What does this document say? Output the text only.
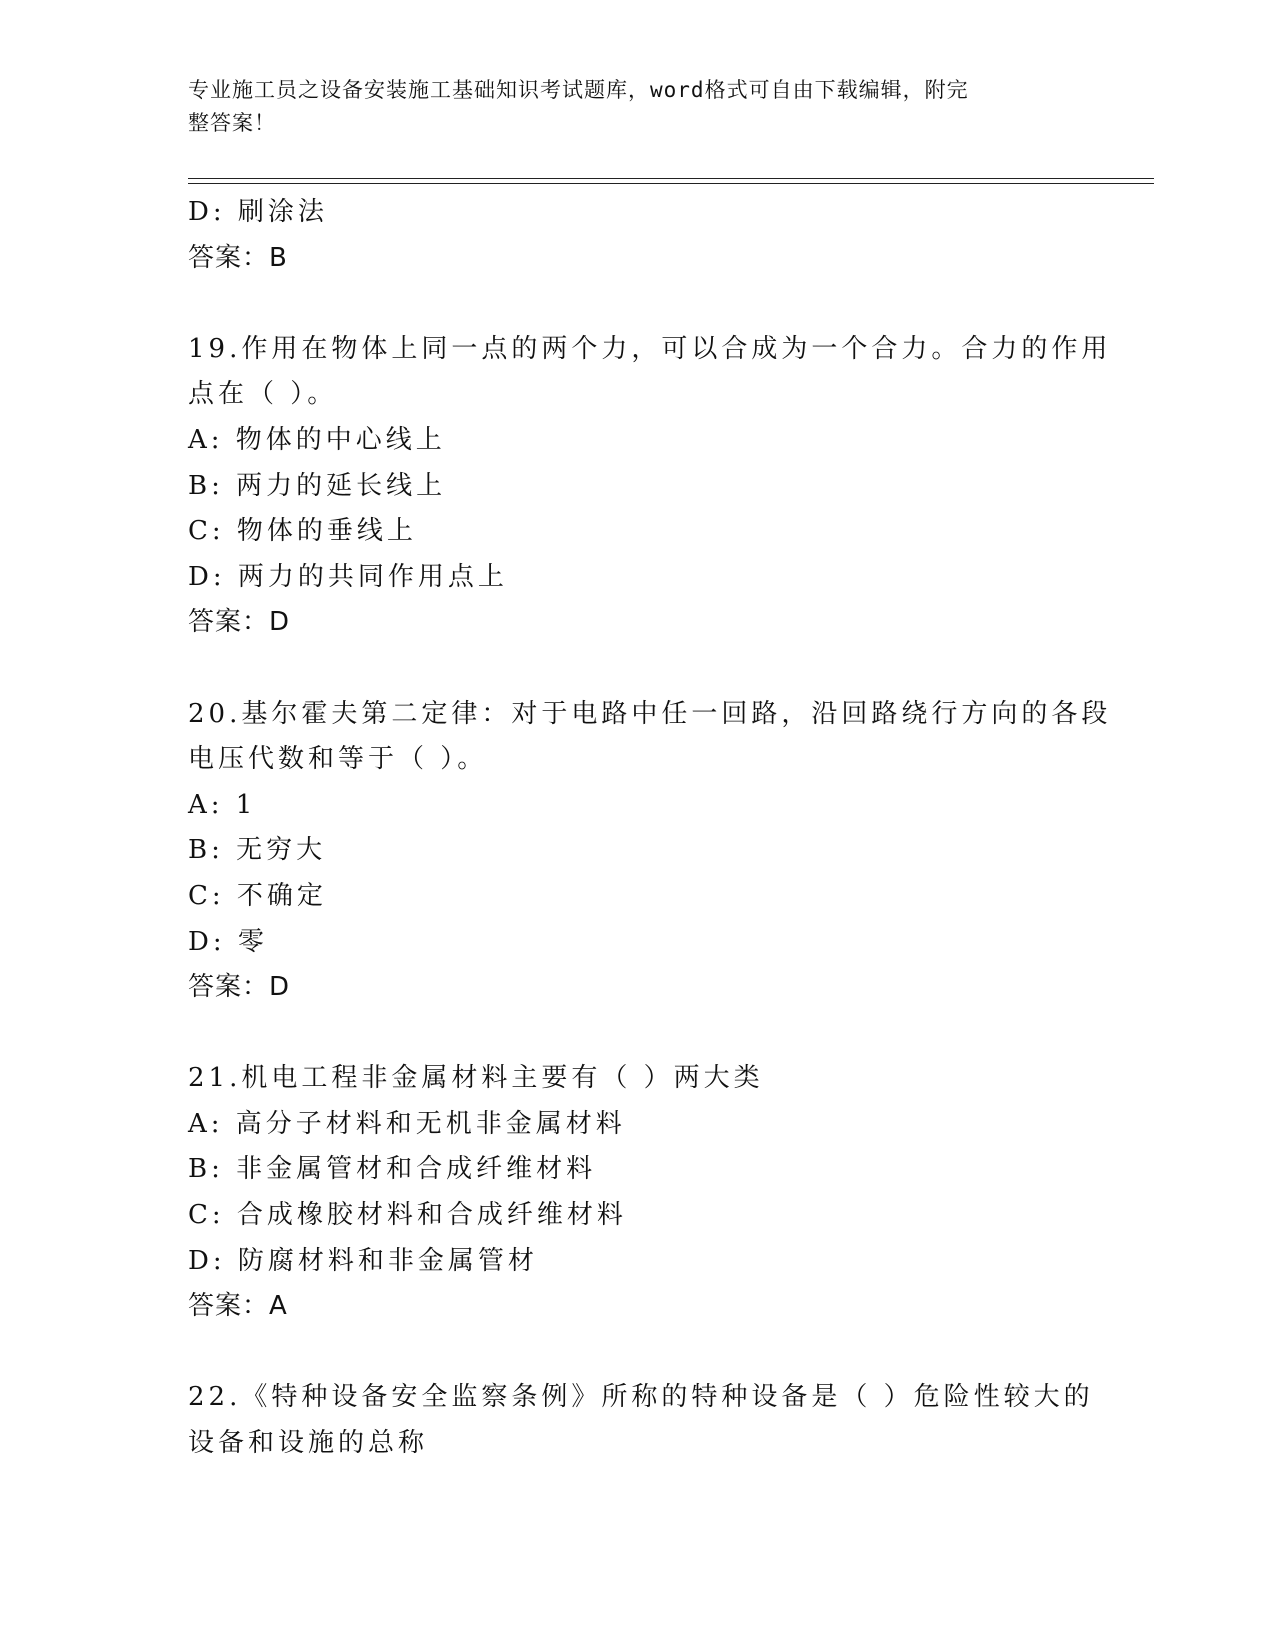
专业施工员之设备安装施工基础知识考试题库，word格式可自由下载编辑，附完
整答案！
D: 刷涂法
答案：B
19.作用在物体上同一点的两个力，可以合成为一个合力。合力的作用
点在（ ）。
A: 物体的中心线上
B: 两力的延长线上
C: 物体的垂线上
D: 两力的共同作用点上
答案：D
20.基尔霍夫第二定律：对于电路中任一回路，沿回路绕行方向的各段
电压代数和等于（ ）。
A: 1
B: 无穷大
C: 不确定
D: 零
答案：D
21.机电工程非金属材料主要有（ ）两大类
A: 高分子材料和无机非金属材料
B: 非金属管材和合成纤维材料
C: 合成橡胶材料和合成纤维材料
D: 防腐材料和非金属管材
答案：A
22.《特种设备安全监察条例》所称的特种设备是（ ）危险性较大的
设备和设施的总称
